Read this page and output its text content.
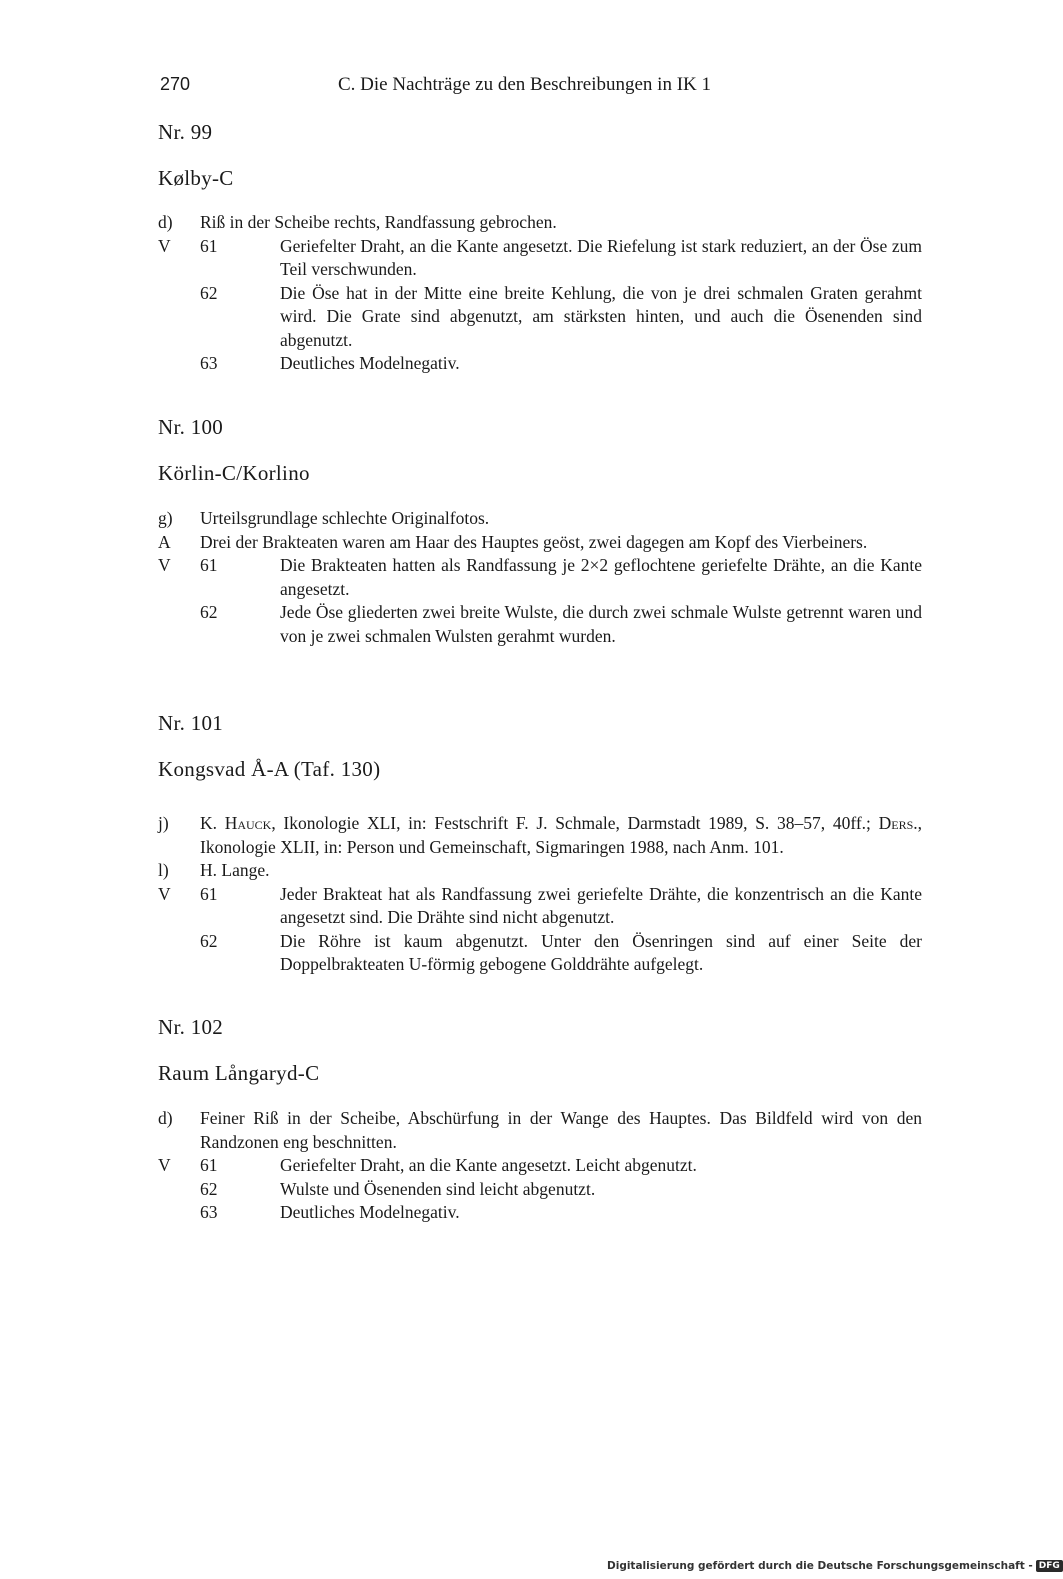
270	C. Die Nachträge zu den Beschreibungen in IK 1
Nr. 99
Kølby-C
d)	Riß in der Scheibe rechts, Randfassung gebrochen.
V	61	Geriefelter Draht, an die Kante angesetzt. Die Riefelung ist stark reduziert, an der Öse zum Teil verschwunden.
62	Die Öse hat in der Mitte eine breite Kehlung, die von je drei schmalen Graten gerahmt wird. Die Grate sind abgenutzt, am stärksten hinten, und auch die Ösenenden sind abgenutzt.
63	Deutliches Modelnegativ.
Nr. 100
Körlin-C/Korlino
g)	Urteilsgrundlage schlechte Originalfotos.
A	Drei der Brakteaten waren am Haar des Hauptes geöst, zwei dagegen am Kopf des Vierbeiners.
V	61	Die Brakteaten hatten als Randfassung je 2×2 geflochtene geriefelte Drähte, an die Kante angesetzt.
62	Jede Öse gliederten zwei breite Wulste, die durch zwei schmale Wulste getrennt waren und von je zwei schmalen Wulsten gerahmt wurden.
Nr. 101
Kongsvad Å-A (Taf. 130)
j)	K. Hauck, Ikonologie XLI, in: Festschrift F. J. Schmale, Darmstadt 1989, S. 38–57, 40ff.; Ders., Ikonologie XLII, in: Person und Gemeinschaft, Sigmaringen 1988, nach Anm. 101.
l)	H. Lange.
V	61	Jeder Brakteat hat als Randfassung zwei geriefelte Drähte, die konzentrisch an die Kante angesetzt sind. Die Drähte sind nicht abgenutzt.
62	Die Röhre ist kaum abgenutzt. Unter den Ösenringen sind auf einer Seite der Doppelbrakteaten U-förmig gebogene Golddrähte aufgelegt.
Nr. 102
Raum Långaryd-C
d)	Feiner Riß in der Scheibe, Abschürfung in der Wange des Hauptes. Das Bildfeld wird von den Randzonen eng beschnitten.
V	61	Geriefelter Draht, an die Kante angesetzt. Leicht abgenutzt.
62	Wulste und Ösenenden sind leicht abgenutzt.
63	Deutliches Modelnegativ.
Digitalisierung gefördert durch die Deutsche Forschungsgemeinschaft - DFG
